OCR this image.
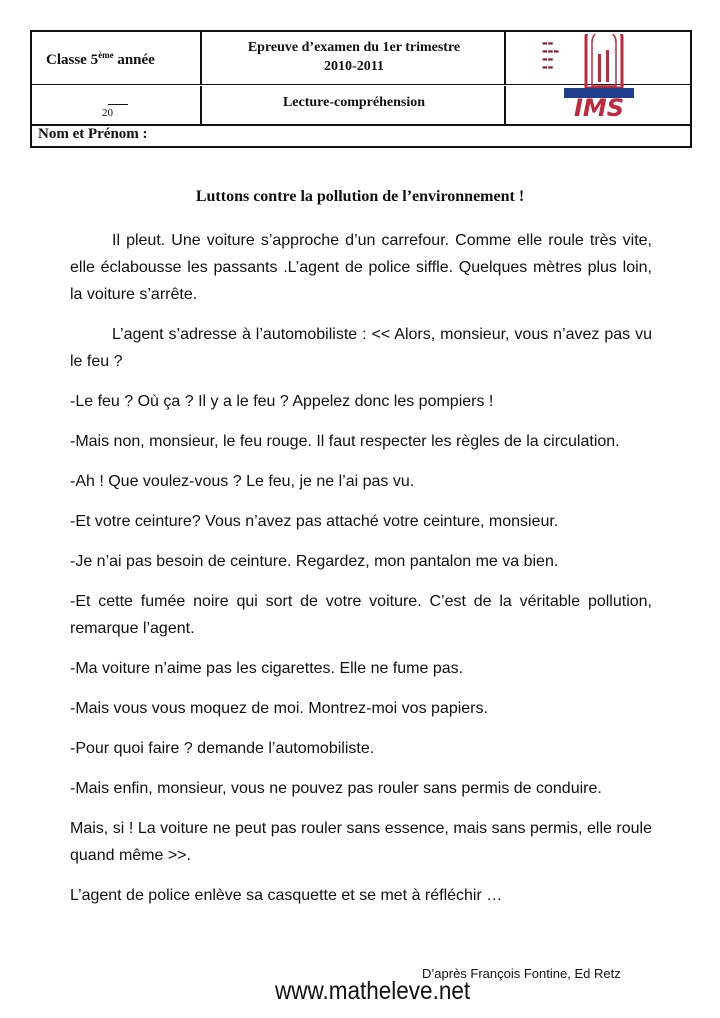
Classe 5ème année
Epreuve d’examen du 1er trimestre
2010-2011
20
Lecture-compréhension
Nom et Prénom :
▬▬
▬▬▬
▬▬
▬▬
IMS
Luttons contre la pollution de l’environnement !

Il pleut. Une voiture s’approche d’un carrefour. Comme elle roule très vite, elle éclabousse les passants .L’agent de police siffle. Quelques mètres plus loin, la voiture s’arrête.

L’agent s’adresse à l’automobiliste : << Alors, monsieur, vous n’avez pas vu le feu ?

-Le feu ? Où ça ? Il y a le feu ? Appelez donc les pompiers !

-Mais non, monsieur, le feu rouge. Il faut respecter les règles de la circulation.

-Ah ! Que voulez-vous ? Le feu, je ne l’ai pas vu.

-Et votre ceinture? Vous n’avez pas attaché votre ceinture, monsieur.

-Je n’ai pas besoin de ceinture. Regardez, mon pantalon me va bien.

-Et cette fumée noire qui sort de votre voiture. C’est de la véritable pollution, remarque l’agent.

-Ma voiture n’aime pas les cigarettes. Elle ne fume pas.

-Mais vous vous moquez de moi. Montrez-moi vos papiers.

-Pour quoi faire ? demande l’automobiliste.

-Mais enfin, monsieur, vous ne pouvez pas rouler sans permis de conduire.

Mais, si ! La voiture ne peut pas rouler sans essence, mais sans permis, elle roule quand même >>.

L’agent de police enlève sa casquette et se met à réfléchir …

D’après François Fontine, Ed Retz
www.matheleve.net
